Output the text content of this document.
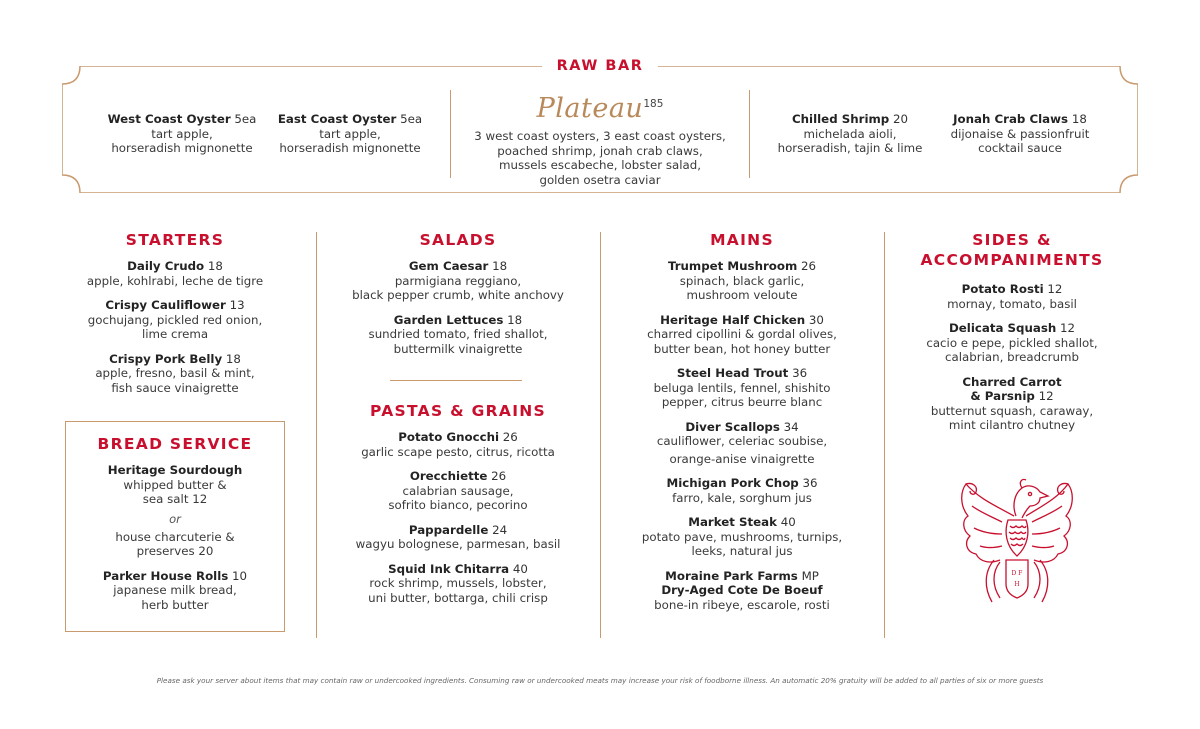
RAW BAR
West Coast Oyster 5ea
tart apple,
horseradish mignonette
East Coast Oyster 5ea
tart apple,
horseradish mignonette
Plateau$^{185}$
3 west coast oysters, 3 east coast oysters,
poached shrimp, jonah crab claws,
mussels escabeche, lobster salad,
golden osetra caviar
Chilled Shrimp 20
michelada aioli,
horseradish, tajin & lime
Jonah Crab Claws 18
dijonaise & passionfruit
cocktail sauce
STARTERS
Daily Crudo 18
apple, kohlrabi, leche de tigre
Crispy Cauliflower 13
gochujang, pickled red onion,
lime crema
Crispy Pork Belly 18
apple, fresno, basil & mint,
fish sauce vinaigrette
BREAD SERVICE
Heritage Sourdough
whipped butter &
sea salt 12
or
house charcuterie &
preserves 20
Parker House Rolls 10
japanese milk bread,
herb butter
SALADS
Gem Caesar 18
parmigiana reggiano,
black pepper crumb, white anchovy
Garden Lettuces 18
sundried tomato, fried shallot,
buttermilk vinaigrette
PASTAS & GRAINS
Potato Gnocchi 26
garlic scape pesto, citrus, ricotta
Orecchiette 26
calabrian sausage,
sofrito bianco, pecorino
Pappardelle 24
wagyu bolognese, parmesan, basil
Squid Ink Chitarra 40
rock shrimp, mussels, lobster,
uni butter, bottarga, chili crisp
MAINS
Trumpet Mushroom 26
spinach, black garlic,
mushroom veloute
Heritage Half Chicken 30
charred cipollini & gordal olives,
butter bean, hot honey butter
Steel Head Trout 36
beluga lentils, fennel, shishito
pepper, citrus beurre blanc
Diver Scallops 34
cauliflower, celeriac soubise,
orange-anise vinaigrette
Michigan Pork Chop 36
farro, kale, sorghum jus
Market Steak 40
potato pave, mushrooms, turnips,
leeks, natural jus
Moraine Park Farms MP
Dry-Aged Cote De Boeuf
bone-in ribeye, escarole, rosti
SIDES &
ACCOMPANIMENTS
Potato Rosti 12
mornay, tomato, basil
Delicata Squash 12
cacio e pepe, pickled shallot,
calabrian, breadcrumb
Charred Carrot
& Parsnip 12
butternut squash, caraway,
mint cilantro chutney
D F
H
Please ask your server about items that may contain raw or undercooked ingredients. Consuming raw or undercooked meats may increase your risk of foodborne illness. An automatic 20% gratuity will be added to all parties of six or more guests
